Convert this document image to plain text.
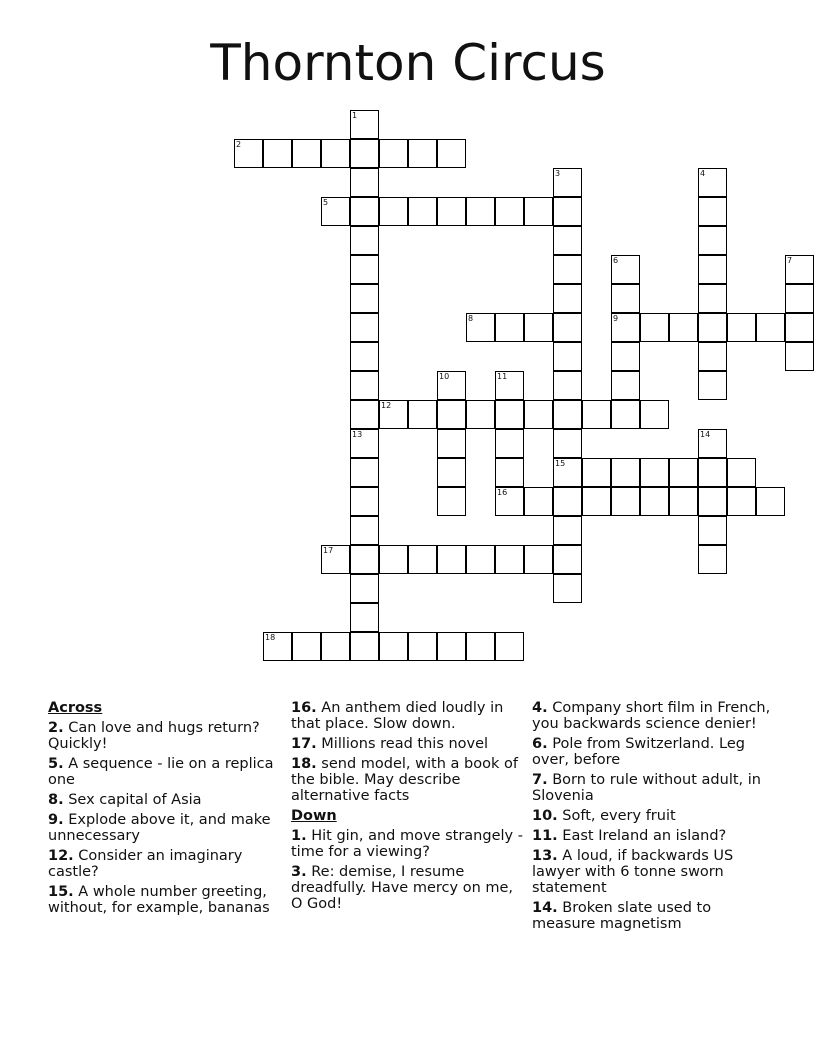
Thornton Circus
1
13
2
3
15
4
5
6
9
7
8
10	11
12
14
16
17
18
Across
2. Can love and hugs return? Quickly!
5. A sequence - lie on a replica one
8. Sex capital of Asia
9. Explode above it, and make unnecessary
12. Consider an imaginary castle?
15. A whole number greeting, without, for example, bananas
16. An anthem died loudly in that place. Slow down.
17. Millions read this novel
18. send model, with a book of the bible. May describe alternative facts
Down
1. Hit gin, and move strangely - time for a viewing?
3. Re: demise, I resume dreadfully. Have mercy on me, O God!
4. Company short film in French, you backwards science denier!
6. Pole from Switzerland. Leg over, before
7. Born to rule without adult, in Slovenia
10. Soft, every fruit
11. East Ireland an island?
13. A loud, if backwards US lawyer with 6 tonne sworn statement
14. Broken slate used to measure magnetism
